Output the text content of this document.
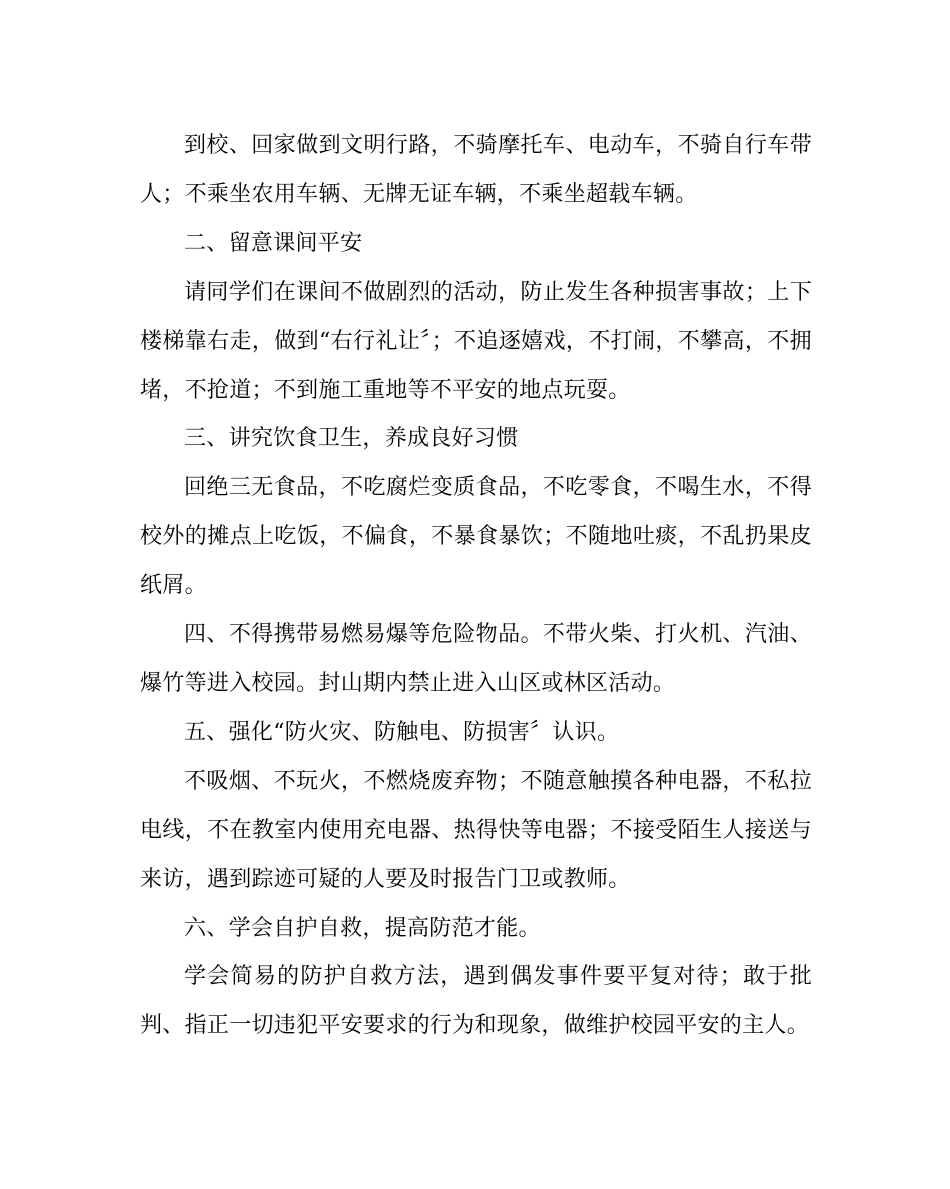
到校、回家做到文明行路，不骑摩托车、电动车，不骑自行车带人；不乘坐农用车辆、无牌无证车辆，不乘坐超载车辆。

二、留意课间平安

请同学们在课间不做剧烈的活动，防止发生各种损害事故；上下楼梯靠右走，做到“右行礼让〞；不追逐嬉戏，不打闹，不攀高，不拥堵，不抢道；不到施工重地等不平安的地点玩耍。

三、讲究饮食卫生，养成良好习惯

回绝三无食品，不吃腐烂变质食品，不吃零食，不喝生水，不得校外的摊点上吃饭，不偏食，不暴食暴饮；不随地吐痰，不乱扔果皮纸屑。

四、不得携带易燃易爆等危险物品。不带火柴、打火机、汽油、爆竹等进入校园。封山期内禁止进入山区或林区活动。

五、强化“防火灾、防触电、防损害〞认识。

不吸烟、不玩火，不燃烧废弃物；不随意触摸各种电器，不私拉电线，不在教室内使用充电器、热得快等电器；不接受陌生人接送与来访，遇到踪迹可疑的人要及时报告门卫或教师。

六、学会自护自救，提高防范才能。

学会简易的防护自救方法，遇到偶发事件要平复对待；敢于批判、指正一切违犯平安要求的行为和现象，做维护校园平安的主人。
